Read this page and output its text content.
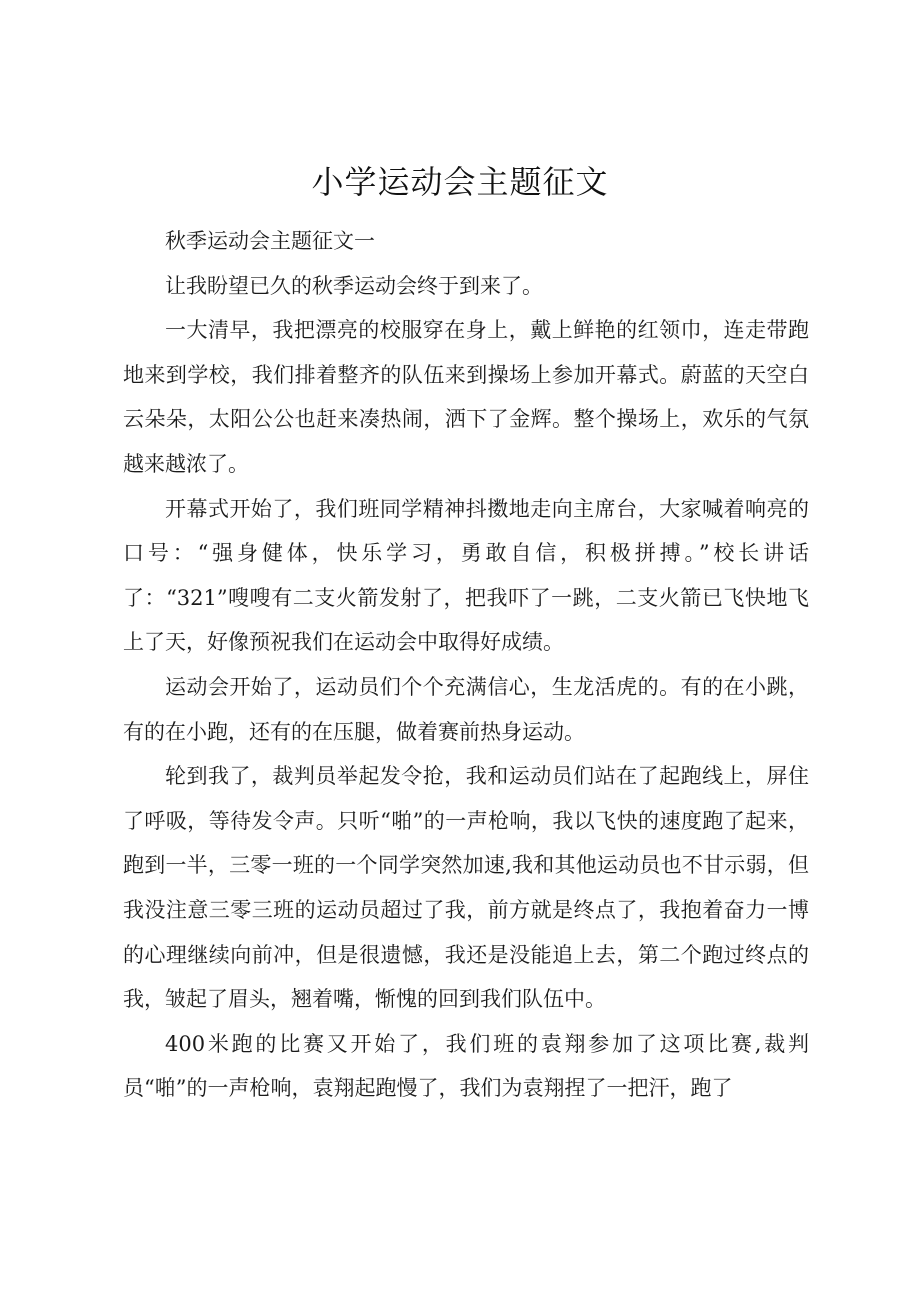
小学运动会主题征文

秋季运动会主题征文一

让我盼望已久的秋季运动会终于到来了。

一大清早，我把漂亮的校服穿在身上，戴上鲜艳的红领巾，连走带跑地来到学校，我们排着整齐的队伍来到操场上参加开幕式。蔚蓝的天空白云朵朵，太阳公公也赶来凑热闹，洒下了金辉。整个操场上，欢乐的气氛越来越浓了。

开幕式开始了，我们班同学精神抖擞地走向主席台，大家喊着响亮的口号：“强身健体，快乐学习，勇敢自信，积极拼搏。”校长讲话了：“321”嗖嗖有二支火箭发射了，把我吓了一跳，二支火箭已飞快地飞上了天，好像预祝我们在运动会中取得好成绩。

运动会开始了，运动员们个个充满信心，生龙活虎的。有的在小跳，有的在小跑，还有的在压腿，做着赛前热身运动。

轮到我了，裁判员举起发令抢，我和运动员们站在了起跑线上，屏住了呼吸，等待发令声。只听“啪”的一声枪响，我以飞快的速度跑了起来，跑到一半，三零一班的一个同学突然加速,我和其他运动员也不甘示弱，但我没注意三零三班的运动员超过了我，前方就是终点了，我抱着奋力一博的心理继续向前冲，但是很遗憾，我还是没能追上去，第二个跑过终点的我，皱起了眉头，翘着嘴，惭愧的回到我们队伍中。

400米跑的比赛又开始了，我们班的袁翔参加了这项比赛,裁判员“啪”的一声枪响，袁翔起跑慢了，我们为袁翔捏了一把汗，跑了
